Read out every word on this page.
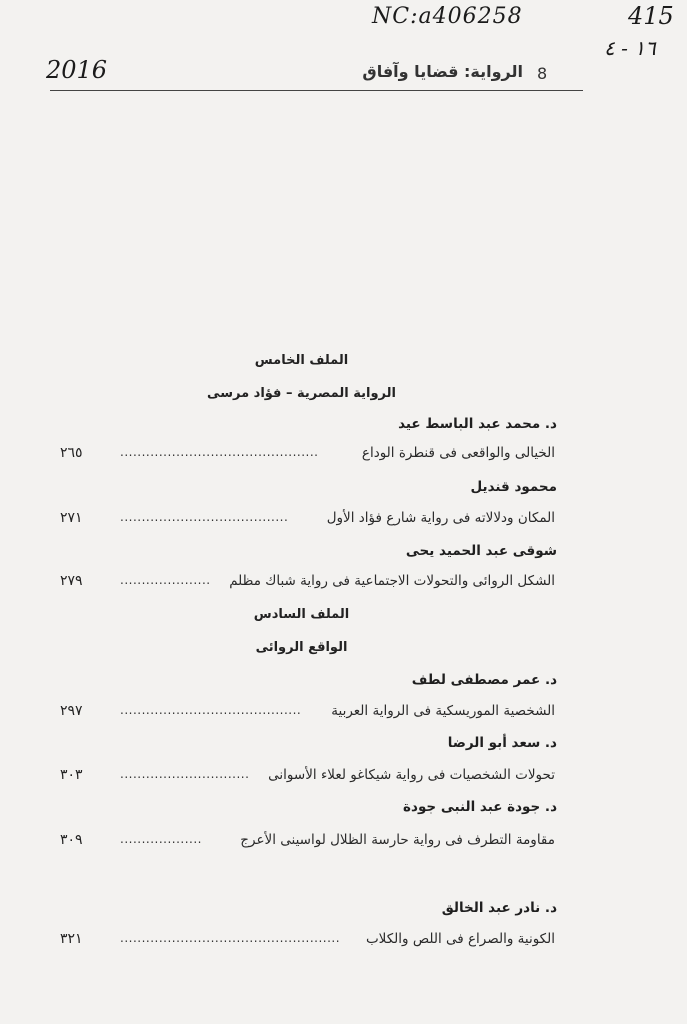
NC:a406258	415
١٦ - ٤
2016	8
الرواية: قضايا وآفاق
الملف الخامس
الرواية المصرية – فؤاد مرسى
د. محمد عبد الباسط عيد
الخيالى والواقعى فى قنطرة الوداع
..............................................
٢٦٥
محمود قنديل
المكان ودلالاته فى رواية شارع فؤاد الأول
.......................................
٢٧١
شوقى عبد الحميد يحى
الشكل الروائى والتحولات الاجتماعية فى رواية شباك مظلم
.....................
٢٧٩
الملف السادس
الواقع الروائى
د. عمر مصطفى لطف
الشخصية الموريسكية فى الرواية العربية
..........................................
٢٩٧
د. سعد أبو الرضا
تحولات الشخصيات فى رواية شيكاغو لعلاء الأسوانى
..............................
٣٠٣
د. جودة عبد النبى جودة
مقاومة التطرف فى رواية حارسة الظلال لواسينى الأعرج
...................
٣٠٩
د. نادر عبد الخالق
الكونية والصراع فى اللص والكلاب
...................................................
٣٢١
